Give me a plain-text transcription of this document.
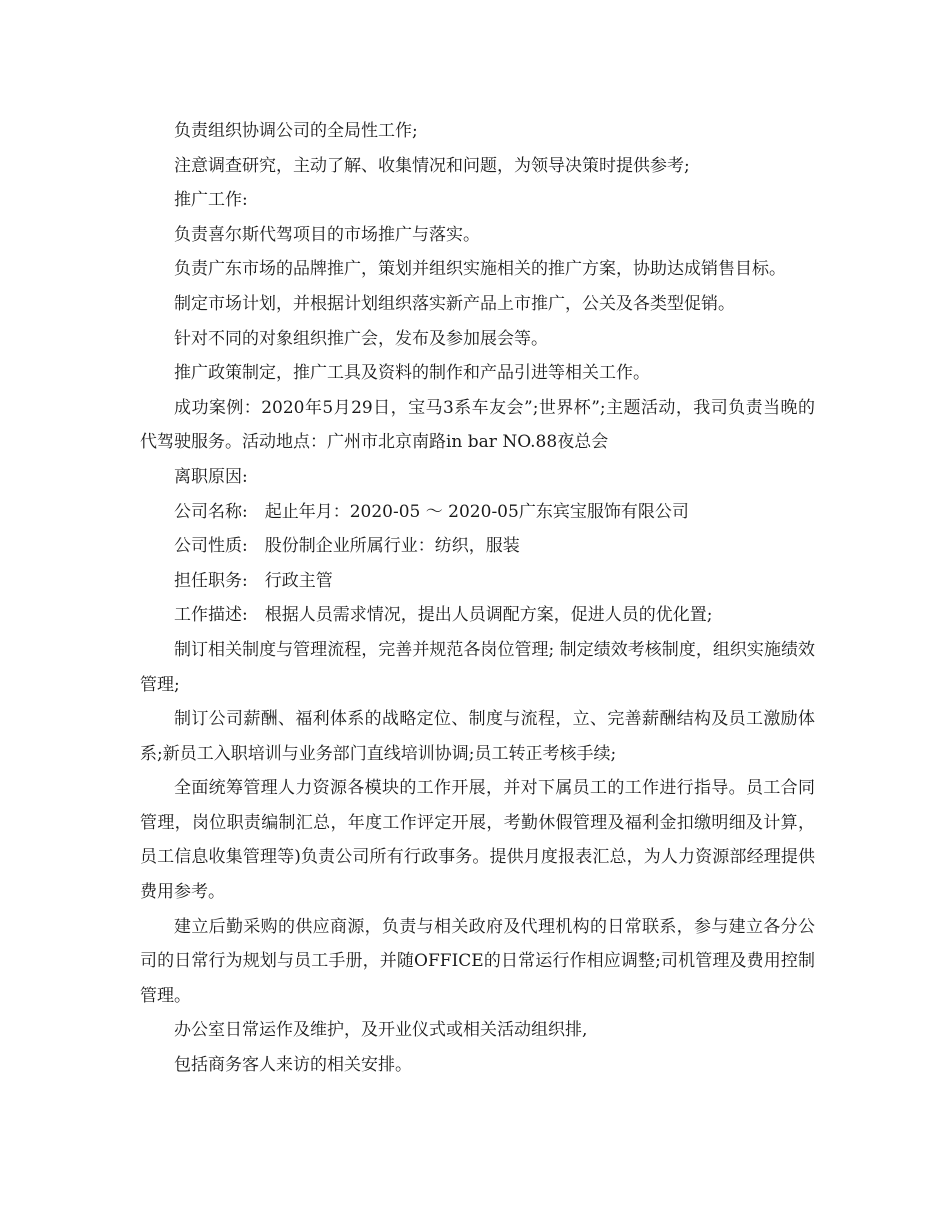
负责组织协调公司的全局性工作;

注意调查研究，主动了解、收集情况和问题，为领导决策时提供参考;

推广工作:

负责喜尔斯代驾项目的市场推广与落实。

负责广东市场的品牌推广，策划并组织实施相关的推广方案，协助达成销售目标。

制定市场计划，并根据计划组织落实新产品上市推广，公关及各类型促销。

针对不同的对象组织推广会，发布及参加展会等。

推广政策制定，推广工具及资料的制作和产品引进等相关工作。

成功案例：2020年5月29日，宝马3系车友会”;世界杯”;主题活动，我司负责当晚的代驾驶服务。活动地点：广州市北京南路in bar NO.88夜总会

离职原因:

公司名称:　起止年月：2020-05 ～ 2020-05广东宾宝服饰有限公司

公司性质:　股份制企业所属行业：纺织，服装

担任职务:　行政主管

工作描述:　根据人员需求情况，提出人员调配方案，促进人员的优化置;

制订相关制度与管理流程，完善并规范各岗位管理; 制定绩效考核制度，组织实施绩效管理;

制订公司薪酬、福利体系的战略定位、制度与流程，立、完善薪酬结构及员工激励体系;新员工入职培训与业务部门直线培训协调;员工转正考核手续;

全面统筹管理人力资源各模块的工作开展，并对下属员工的工作进行指导。员工合同管理，岗位职责编制汇总，年度工作评定开展，考勤休假管理及福利金扣缴明细及计算，员工信息收集管理等)负责公司所有行政事务。提供月度报表汇总，为人力资源部经理提供费用参考。

建立后勤采购的供应商源，负责与相关政府及代理机构的日常联系，参与建立各分公司的日常行为规划与员工手册，并随OFFICE的日常运行作相应调整;司机管理及费用控制管理。

办公室日常运作及维护，及开业仪式或相关活动组织排,

包括商务客人来访的相关安排。
